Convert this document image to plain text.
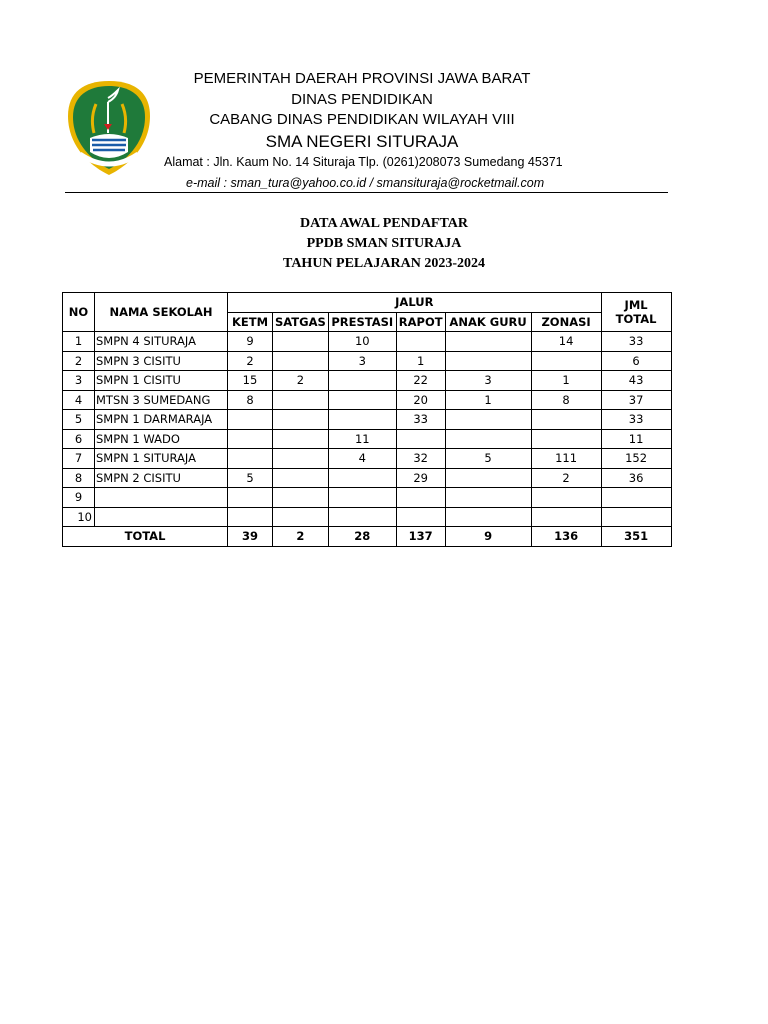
PEMERINTAH DAERAH PROVINSI JAWA BARAT
DINAS PENDIDIKAN
CABANG DINAS PENDIDIKAN WILAYAH VIII
SMA NEGERI SITURAJA
Alamat : Jln. Kaum No. 14 Situraja Tlp. (0261)208073 Sumedang 45371
e-mail : sman_tura@yahoo.co.id / smansituraja@rocketmail.com
DATA AWAL PENDAFTAR
PPDB SMAN SITURAJA
TAHUN PELAJARAN 2023-2024
NO	NAMA SEKOLAH	JALUR						JML TOTAL
		KETM	SATGAS	PRESTASI	RAPOT	ANAK GURU	ZONASI	
1	SMPN 4 SITURAJA	9		10			14	33
2	SMPN 3 CISITU	2		3	1			6
3	SMPN 1 CISITU	15	2		22	3	1	43
4	MTSN 3 SUMEDANG	8			20	1	8	37
5	SMPN 1 DARMARAJA				33			33
6	SMPN 1 WADO			11				11
7	SMPN 1 SITURAJA			4	32	5	111	152
8	SMPN 2 CISITU	5			29		2	36
9								
10								
TOTAL		39	2	28	137	9	136	351
